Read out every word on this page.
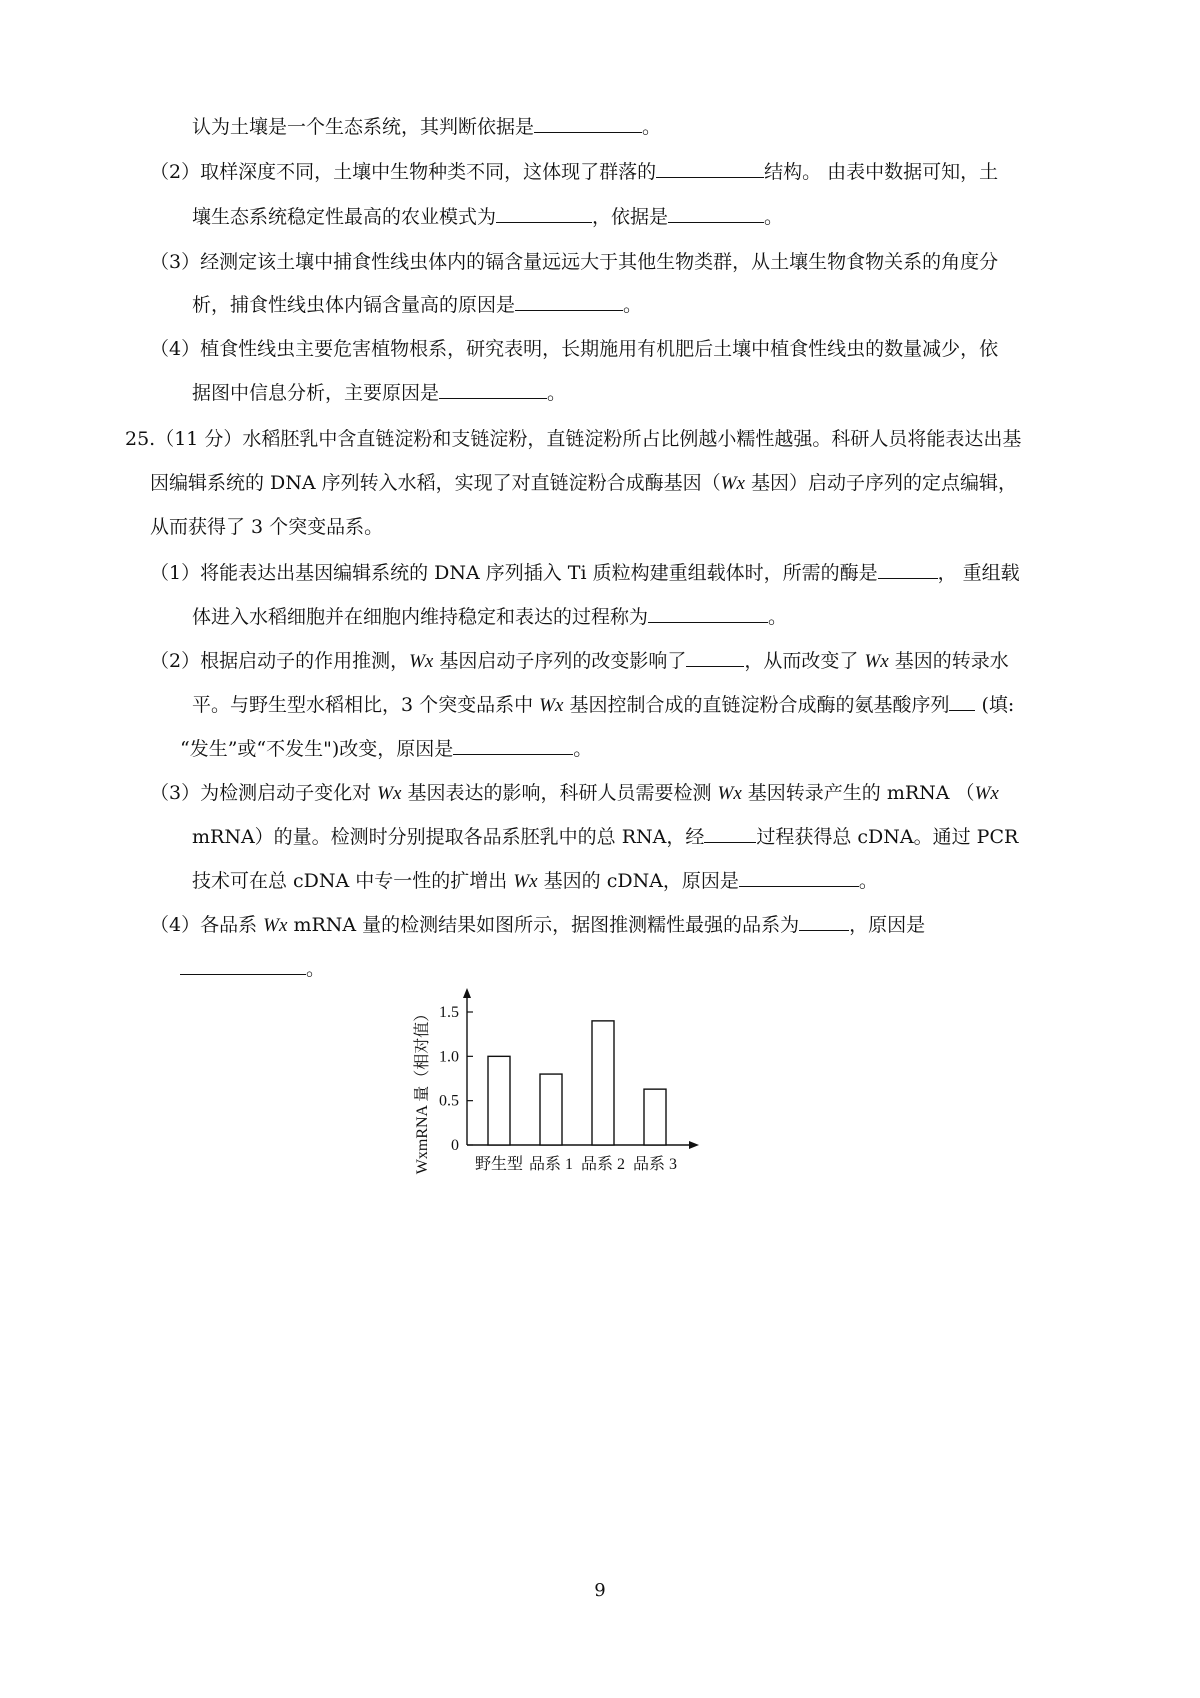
认为土壤是一个生态系统，其判断依据是	。
（2）取样深度不同，土壤中生物种类不同，这体现了群落的	结构。 由表中数据可知，土
壤生态系统稳定性最高的农业模式为	，依据是	。
（3）经测定该土壤中捕食性线虫体内的镉含量远远大于其他生物类群，从土壤生物食物关系的角度分
析，捕食性线虫体内镉含量高的原因是	。
（4）植食性线虫主要危害植物根系，研究表明，长期施用有机肥后土壤中植食性线虫的数量减少，依
据图中信息分析，主要原因是	。
25.（11 分）水稻胚乳中含直链淀粉和支链淀粉，直链淀粉所占比例越小糯性越强。科研人员将能表达出基
因编辑系统的 DNA 序列转入水稻，实现了对直链淀粉合成酶基因（Wx 基因）启动子序列的定点编辑，
从而获得了 3 个突变品系。
（1）将能表达出基因编辑系统的 DNA 序列插入 Ti 质粒构建重组载体时，所需的酶是	， 重组载
体进入水稻细胞并在细胞内维持稳定和表达的过程称为	。
（2）根据启动子的作用推测，Wx 基因启动子序列的改变影响了	，从而改变了 Wx 基因的转录水
平。与野生型水稻相比，3 个突变品系中 Wx 基因控制合成的直链淀粉合成酶的氨基酸序列 (填:
“发生”或“不发生")改变，原因是	。
（3）为检测启动子变化对 Wx 基因表达的影响，科研人员需要检测 Wx 基因转录产生的 mRNA （Wx
mRNA）的量。检测时分别提取各品系胚乳中的总 RNA，经	过程获得总 cDNA。通过 PCR
技术可在总 cDNA 中专一性的扩增出 Wx 基因的 cDNA，原因是	。
（4）各品系 Wx mRNA 量的检测结果如图所示，据图推测糯性最强的品系为	，原因是
。
0
0.5
1.0
1.5
野生型 品系 1 品系 2 品系 3
WxmRNA 量（相对值）
9
